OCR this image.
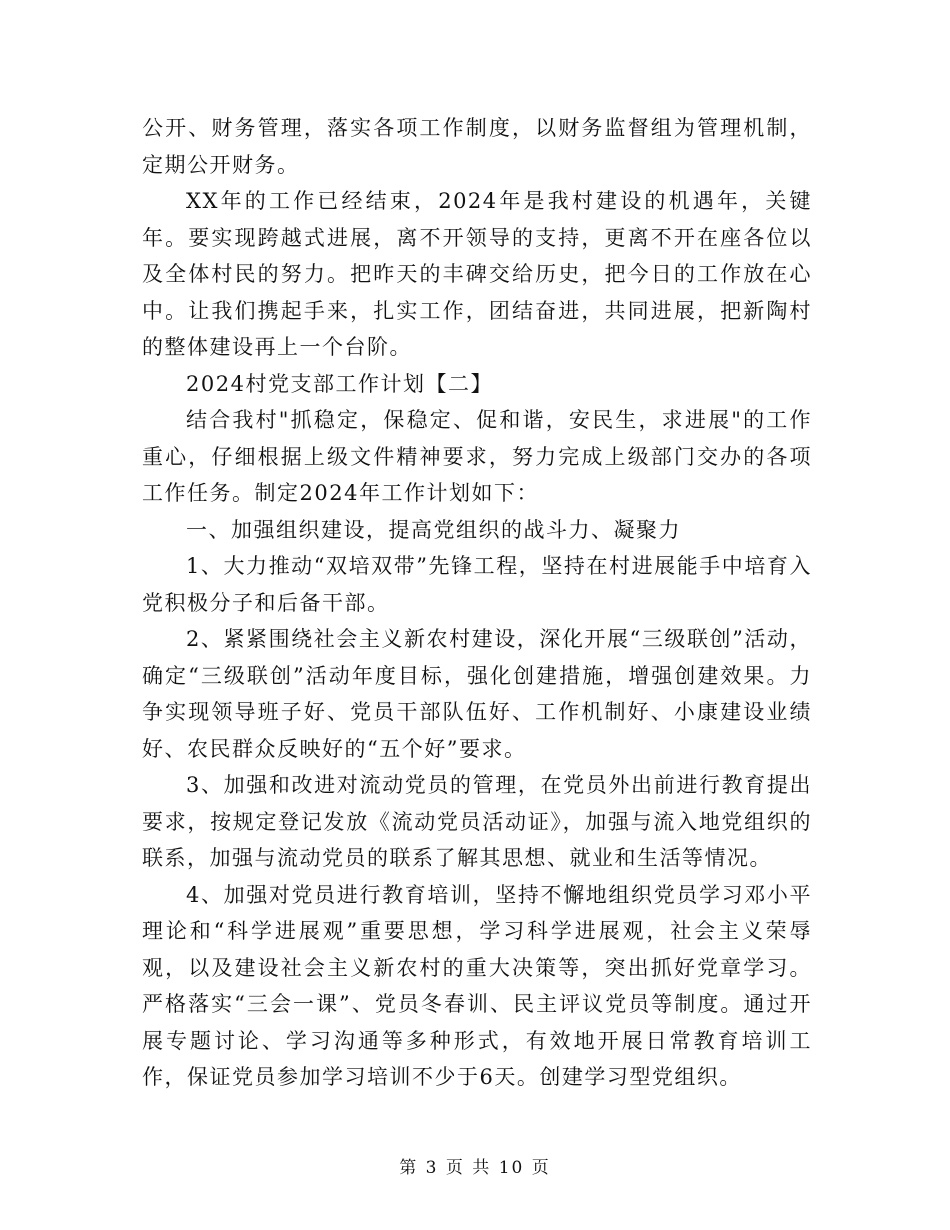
公开、财务管理，落实各项工作制度，以财务监督组为管理机制，定期公开财务。

XX年的工作已经结束，2024年是我村建设的机遇年，关键年。要实现跨越式进展，离不开领导的支持，更离不开在座各位以及全体村民的努力。把昨天的丰碑交给历史，把今日的工作放在心中。让我们携起手来，扎实工作，团结奋进，共同进展，把新陶村的整体建设再上一个台阶。

2024村党支部工作计划【二】

结合我村"抓稳定，保稳定、促和谐，安民生，求进展"的工作重心，仔细根据上级文件精神要求，努力完成上级部门交办的各项工作任务。制定2024年工作计划如下：

一、加强组织建设，提高党组织的战斗力、凝聚力

1、大力推动“双培双带”先锋工程，坚持在村进展能手中培育入党积极分子和后备干部。

2、紧紧围绕社会主义新农村建设，深化开展“三级联创”活动，确定“三级联创”活动年度目标，强化创建措施，增强创建效果。力争实现领导班子好、党员干部队伍好、工作机制好、小康建设业绩好、农民群众反映好的“五个好”要求。

3、加强和改进对流动党员的管理，在党员外出前进行教育提出要求，按规定登记发放《流动党员活动证》，加强与流入地党组织的联系，加强与流动党员的联系了解其思想、就业和生活等情况。

4、加强对党员进行教育培训，坚持不懈地组织党员学习邓小平理论和“科学进展观”重要思想，学习科学进展观，社会主义荣辱观，以及建设社会主义新农村的重大决策等，突出抓好党章学习。严格落实“三会一课”、党员冬春训、民主评议党员等制度。通过开展专题讨论、学习沟通等多种形式，有效地开展日常教育培训工作，保证党员参加学习培训不少于6天。创建学习型党组织。

第 3 页 共 10 页
